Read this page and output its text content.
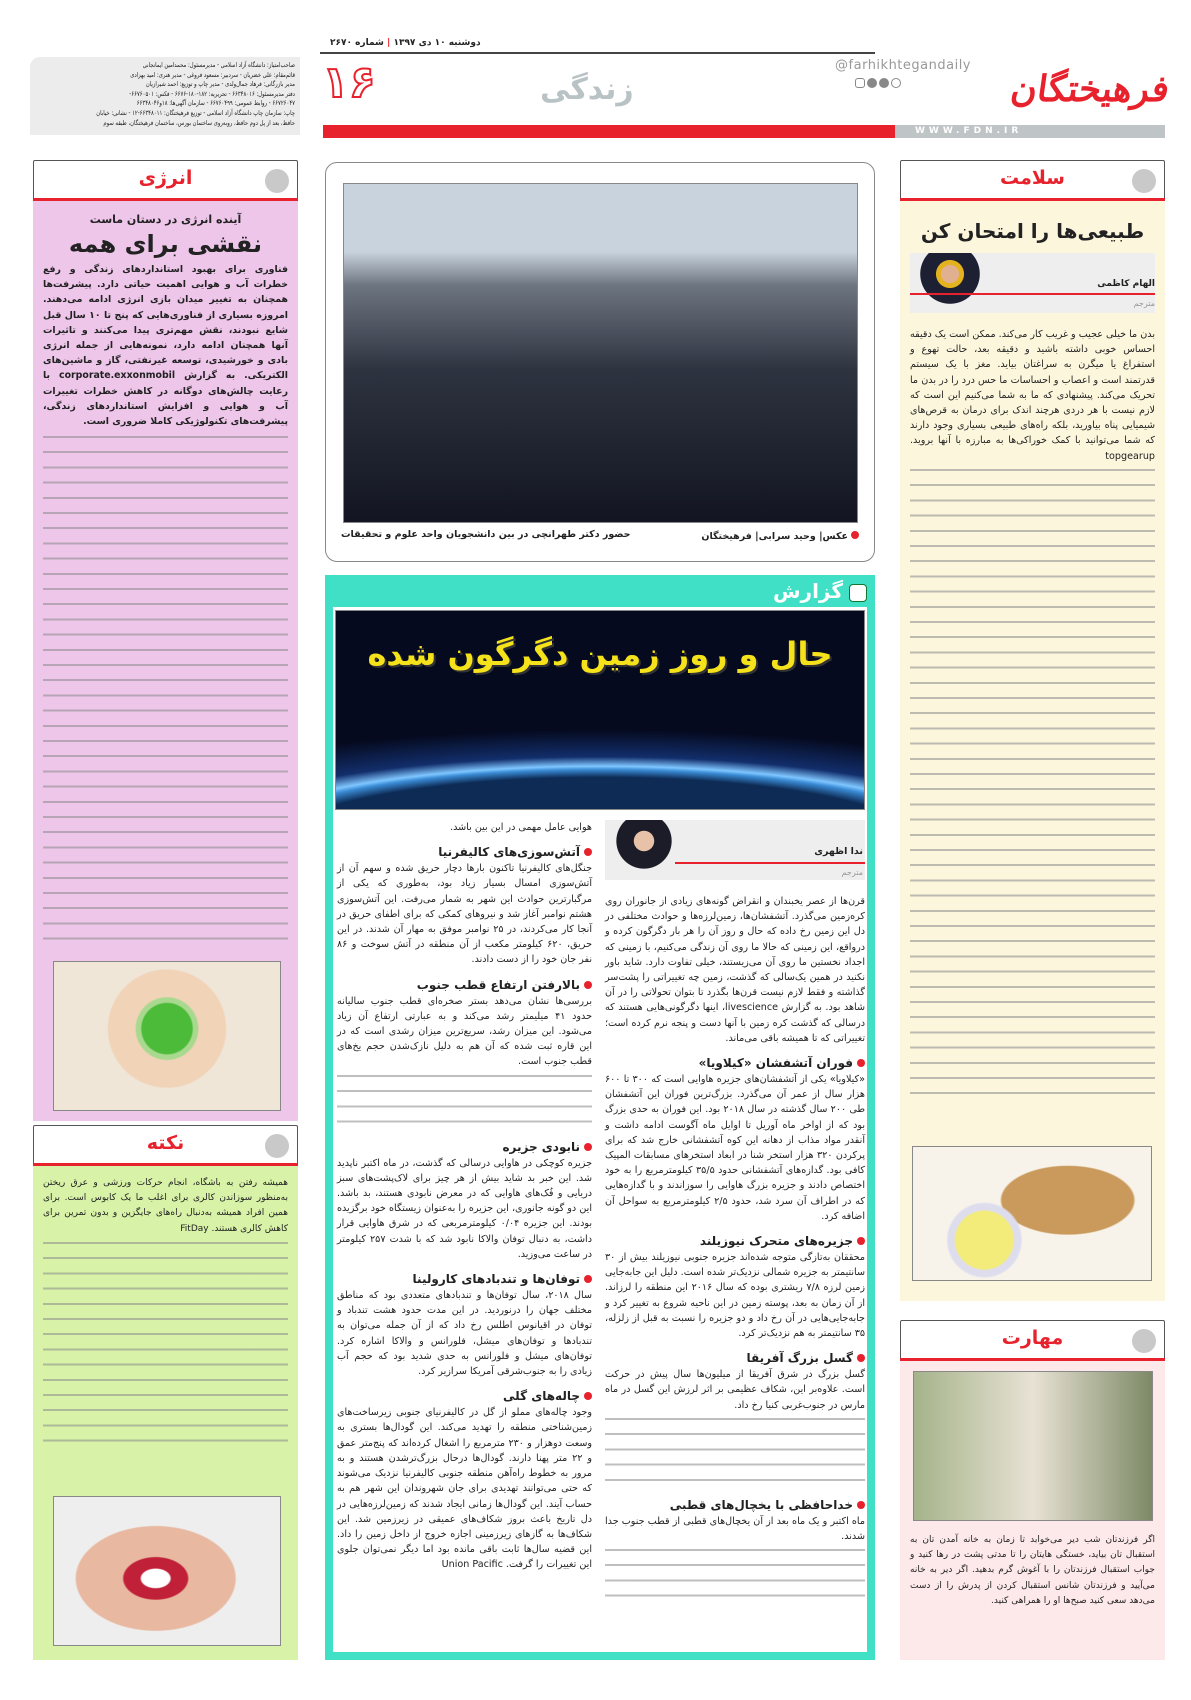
دوشنبه ۱۰ دی ۱۳۹۷ | شماره ۲۶۷۰
۱۶	زندگی
WWW.FDN.IR
@farhikhtegandaily
فرهیختگان
صاحب‌امتیاز: دانشگاه آزاد اسلامی - مدیرمسئول: محمدامین ایمانجانی
قائم‌مقام: علی خضریان - سردبیر: مسعود فروغی - مدیر هنری: امید بهزادی
مدیر بازرگانی: فرهاد جمال‌ولدی - مدیر چاپ و توزیع: احمد شیرازیان
دفتر مدیرمسئول: ۶۶۳۴۸۰۱۶ - تحریریه: ۱۸۲-۱۸۰-۶۶۷۶ - فکس: ۶۶۷۶۰۵۰۱-
۶۶۷۲۶۰۴۷ - روابط عمومی: ۶۶۷۶۰۴۹۹ - سازمان آگهی‌ها: ۱۸و۶۶۳۴۸۰۴۶
چاپ: سازمان چاپ دانشگاه آزاد اسلامی - توزیع فرهیختگان: ۶۶۳۴۸۰۱۱-۱۲ - نشانی: خیابان
حافظ، بعد از پل دوم حافظ، روبه‌روی ساختمان بورس، ساختمان فرهیختگان، طبقه سوم
انرژی
آینده انرژی در دستان ماست
نقشی برای همه
فناوری برای بهبود استانداردهای زندگی و رفع خطرات آب و هوایی اهمیت حیاتی دارد. پیشرفت‌ها همچنان به تغییر میدان بازی انرژی ادامه می‌دهند. امروزه بسیاری از فناوری‌هایی که پنج تا ۱۰ سال قبل شایع نبودند، نقش مهم‌تری پیدا می‌کنند و تاثیرات آنها همچنان ادامه دارد، نمونه‌هایی از جمله انرژی بادی و خورشیدی، توسعه غیرنفتی، گاز و ماشین‌های الکتریکی. به گزارش corporate.exxonmobil با رعایت چالش‌های دوگانه در کاهش خطرات تغییرات آب و هوایی و افزایش استانداردهای زندگی، پیشرفت‌های تکنولوژیکی کاملا ضروری است.
نکته
همیشه رفتن به باشگاه، انجام حرکات ورزشی و عرق ریختن به‌منظور سوزاندن کالری برای اغلب ما یک کابوس است. برای همین افراد همیشه به‌دنبال راه‌های جایگزین و بدون تمرین برای کاهش کالری هستند. FitDay
عکس| وحید سرابی| فرهیختگان
حضور دکتر طهرانچی در بین دانشجویان واحد علوم و تحقیقات
گزارش
حال و روز زمین دگرگون شده
ندا اظهری
مترجم
قرن‌ها از عصر یخبندان و انقراض گونه‌های زیادی از جانوران روی کره‌زمین می‌گذرد. آتشفشان‌ها، زمین‌لرزه‌ها و حوادث مختلفی در دل این زمین رخ داده که حال و روز آن را هر بار دگرگون کرده و درواقع، این زمینی که حالا ما روی آن زندگی می‌کنیم، با زمینی که اجداد نخستین ما روی آن می‌زیستند، خیلی تفاوت دارد. شاید باور نکنید در همین یک‌سالی که گذشت، زمین چه تغییراتی را پشت‌سر گذاشته و فقط لازم نیست قرن‌ها بگذرد تا بتوان تحولاتی را در آن شاهد بود. به گزارش livescience، اینها دگرگونی‌هایی هستند که درسالی که گذشت کره زمین با آنها دست و پنجه نرم کرده است؛ تغییراتی که تا همیشه باقی می‌ماند.
فوران آتشفشان «کیلاویا»
«کیلاویا» یکی از آتشفشان‌های جزیره هاوایی است که ۳۰۰ تا ۶۰۰ هزار سال از عمر آن می‌گذرد. بزرگ‌ترین فوران این آتشفشان طی ۲۰۰ سال گذشته در سال ۲۰۱۸ بود. این فوران به حدی بزرگ بود که از اواخر ماه آوریل تا اوایل ماه آگوست ادامه داشت و آنقدر مواد مذاب از دهانه این کوه آتشفشانی خارج شد که برای پرکردن ۳۲۰ هزار استخر شنا در ابعاد استخرهای مسابقات المپیک کافی بود. گدازه‌های آتشفشانی حدود ۳۵/۵ کیلومترمربع را به خود اختصاص دادند و جزیره بزرگ هاوایی را سوزاندند و با گدازه‌هایی که در اطراف آن سرد شد، حدود ۲/۵ کیلومترمربع به سواحل آن اضافه کرد.
جزیره‌های متحرک نیوزیلند
محققان به‌تازگی متوجه شده‌اند جزیره جنوبی نیوزیلند بیش از ۳۰ سانتیمتر به جزیره شمالی نزدیک‌تر شده است. دلیل این جابه‌جایی زمین لرزه ۷/۸ ریشتری بوده که سال ۲۰۱۶ این منطقه را لرزاند. از آن زمان به بعد، پوسته زمین در این ناحیه شروع به تغییر کرد و جابه‌جایی‌هایی در آن رخ داد و دو جزیره را نسبت به قبل از زلزله، ۳۵ سانتیمتر به هم نزدیک‌تر کرد.
گسل بزرگ آفریقا
گسل بزرگ در شرق آفریقا از میلیون‌ها سال پیش در حرکت است. علاوه‌بر این، شکاف عظیمی بر اثر لرزش این گسل در ماه مارس در جنوب‌غربی کنیا رخ داد.
خداحافظی با یخچال‌های قطبی
ماه اکتبر و یک ماه بعد از آن یخچال‌های قطبی از قطب جنوب جدا شدند.
هوایی عامل مهمی در این بین باشد.
آتش‌سوزی‌های کالیفرنیا
جنگل‌های کالیفرنیا تاکنون بارها دچار حریق شده و سهم آن از آتش‌سوزی امسال بسیار زیاد بود، به‌طوری که یکی از مرگبارترین حوادث این شهر به شمار می‌رفت. این آتش‌سوزی هشتم نوامبر آغاز شد و نیروهای کمکی که برای اطفای حریق در آنجا کار می‌کردند، در ۲۵ نوامبر موفق به مهار آن شدند. در این حریق، ۶۲۰ کیلومتر مکعب از آن منطقه در آتش سوخت و ۸۶ نفر جان خود را از دست دادند.
بالارفتن ارتفاع قطب جنوب
بررسی‌ها نشان می‌دهد بستر صخره‌ای قطب جنوب سالیانه حدود ۴۱ میلیمتر رشد می‌کند و به عبارتی ارتفاع آن زیاد می‌شود. این میزان رشد، سریع‌ترین میزان رشدی است که در این قاره ثبت شده که آن هم به دلیل نازک‌شدن حجم یخ‌های قطب جنوب است.
نابودی جزیره
جزیره کوچکی در هاوایی درسالی که گذشت، در ماه اکتبر ناپدید شد. این خبر بد شاید بیش از هر چیز برای لاک‌پشت‌های سبز دریایی و فُک‌های هاوایی که در معرض نابودی هستند، بد باشد. این دو گونه جانوری، این جزیره را به‌عنوان زیستگاه خود برگزیده بودند. این جزیره ۰/۰۴ کیلومترمربعی که در شرق هاوایی قرار داشت، به دنبال توفان والاکا نابود شد که با شدت ۲۵۷ کیلومتر در ساعت می‌وزید.
توفان‌ها و تندبادهای کارولینا
سال ۲۰۱۸، سال توفان‌ها و تندبادهای متعددی بود که مناطق مختلف جهان را درنوردید. در این مدت حدود هشت تندباد و توفان در اقیانوس اطلس رخ داد که از آن جمله می‌توان به تندبادها و توفان‌های میشل، فلورانس و والاکا اشاره کرد. توفان‌های میشل و فلورانس به حدی شدید بود که حجم آب زیادی را به جنوب‌شرقی آمریکا سرازیر کرد.
چاله‌های گلی
وجود چاله‌های مملو از گل در کالیفرنیای جنوبی زیرساخت‌های زمین‌شناختی منطقه را تهدید می‌کند. این گودال‌ها بستری به وسعت دوهزار و ۲۳۰ مترمربع را اشغال کرده‌اند که پنج‌متر عمق و ۲۲ متر پهنا دارند. گودال‌ها درحال بزرگ‌ترشدن هستند و به مرور به خطوط راه‌آهن منطقه جنوبی کالیفرنیا نزدیک می‌شوند که حتی می‌توانند تهدیدی برای جان شهروندان این شهر هم به حساب آیند. این گودال‌ها زمانی ایجاد شدند که زمین‌لرزه‌هایی در دل تاریخ باعث بروز شکاف‌های عمیقی در زیرزمین شد. این شکاف‌ها به گازهای زیرزمینی اجازه خروج از داخل زمین را داد. این قضیه سال‌ها ثابت باقی مانده بود اما دیگر نمی‌توان جلوی این تغییرات را گرفت. Union Pacific
سلامت
طبیعی‌ها را امتحان کن
الهام کاظمی
مترجم
بدن ما خیلی عجیب و غریب کار می‌کند. ممکن است یک دقیقه احساس خوبی داشته باشید و دقیقه بعد، حالت تهوع و استفراغ یا میگرن به سراغتان بیاید. مغز با یک سیستم قدرتمند است و اعصاب و احساسات ما حس درد را در بدن ما تحریک می‌کند. پیشنهادی که ما به شما می‌کنیم این است که لازم نیست با هر دردی هرچند اندک برای درمان به قرص‌های شیمیایی پناه بیاورید، بلکه راه‌های طبیعی بسیاری وجود دارند که شما می‌توانید با کمک خوراکی‌ها به مبارزه با آنها بروید. topgearup
مهارت
اگر فرزندتان شب دیر می‌خوابد تا زمان به خانه آمدن تان به استقبال تان بیاید، خستگی هایتان را تا مدتی پشت در رها کنید و جواب استقبال فرزندتان را با آغوش گرم بدهید. اگر دیر به خانه می‌آیید و فرزندتان شانس استقبال کردن از پدرش را از دست می‌دهد سعی کنید صبح‌ها او را همراهی کنید.
